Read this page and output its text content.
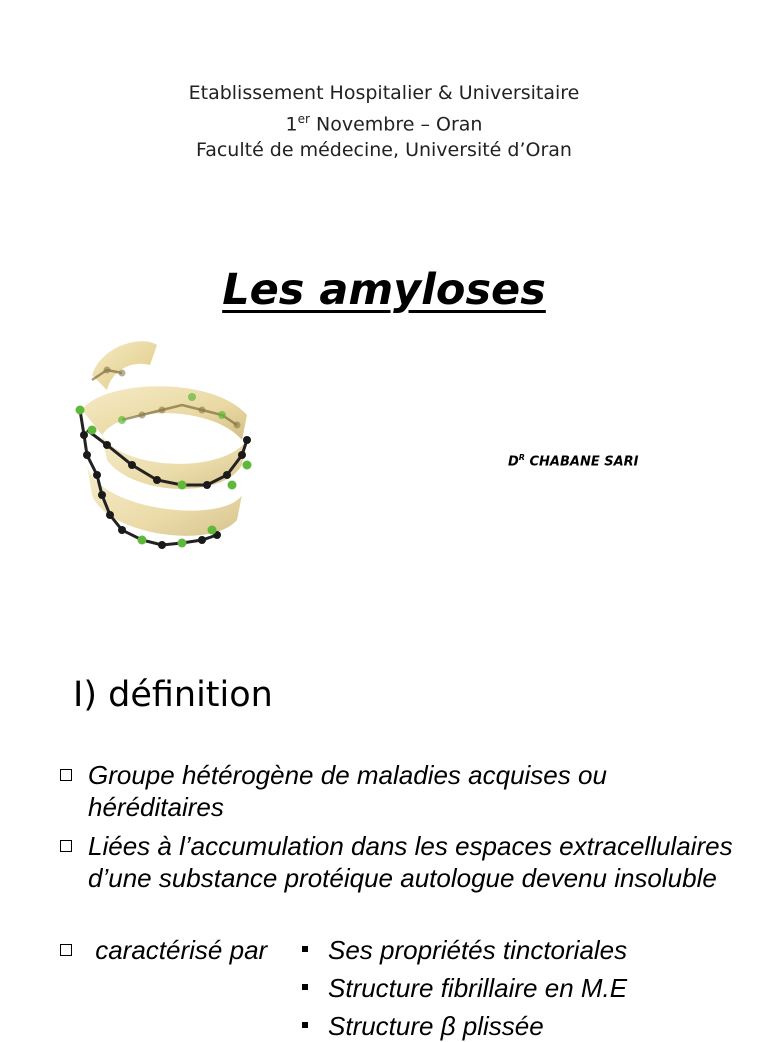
Etablissement Hospitalier & Universitaire
1er Novembre – Oran
Faculté de médecine, Université d’Oran
Les amyloses
$D^R$ CHABANE SARI
I) définition
Groupe hétérogène de maladies acquises ou héréditaires
Liées à l’accumulation dans les espaces extracellulaires d’une substance protéique autologue devenu insoluble
caractérisé par	Ses propriétés tinctoriales
Structure fibrillaire en M.E
Structure β plissée
